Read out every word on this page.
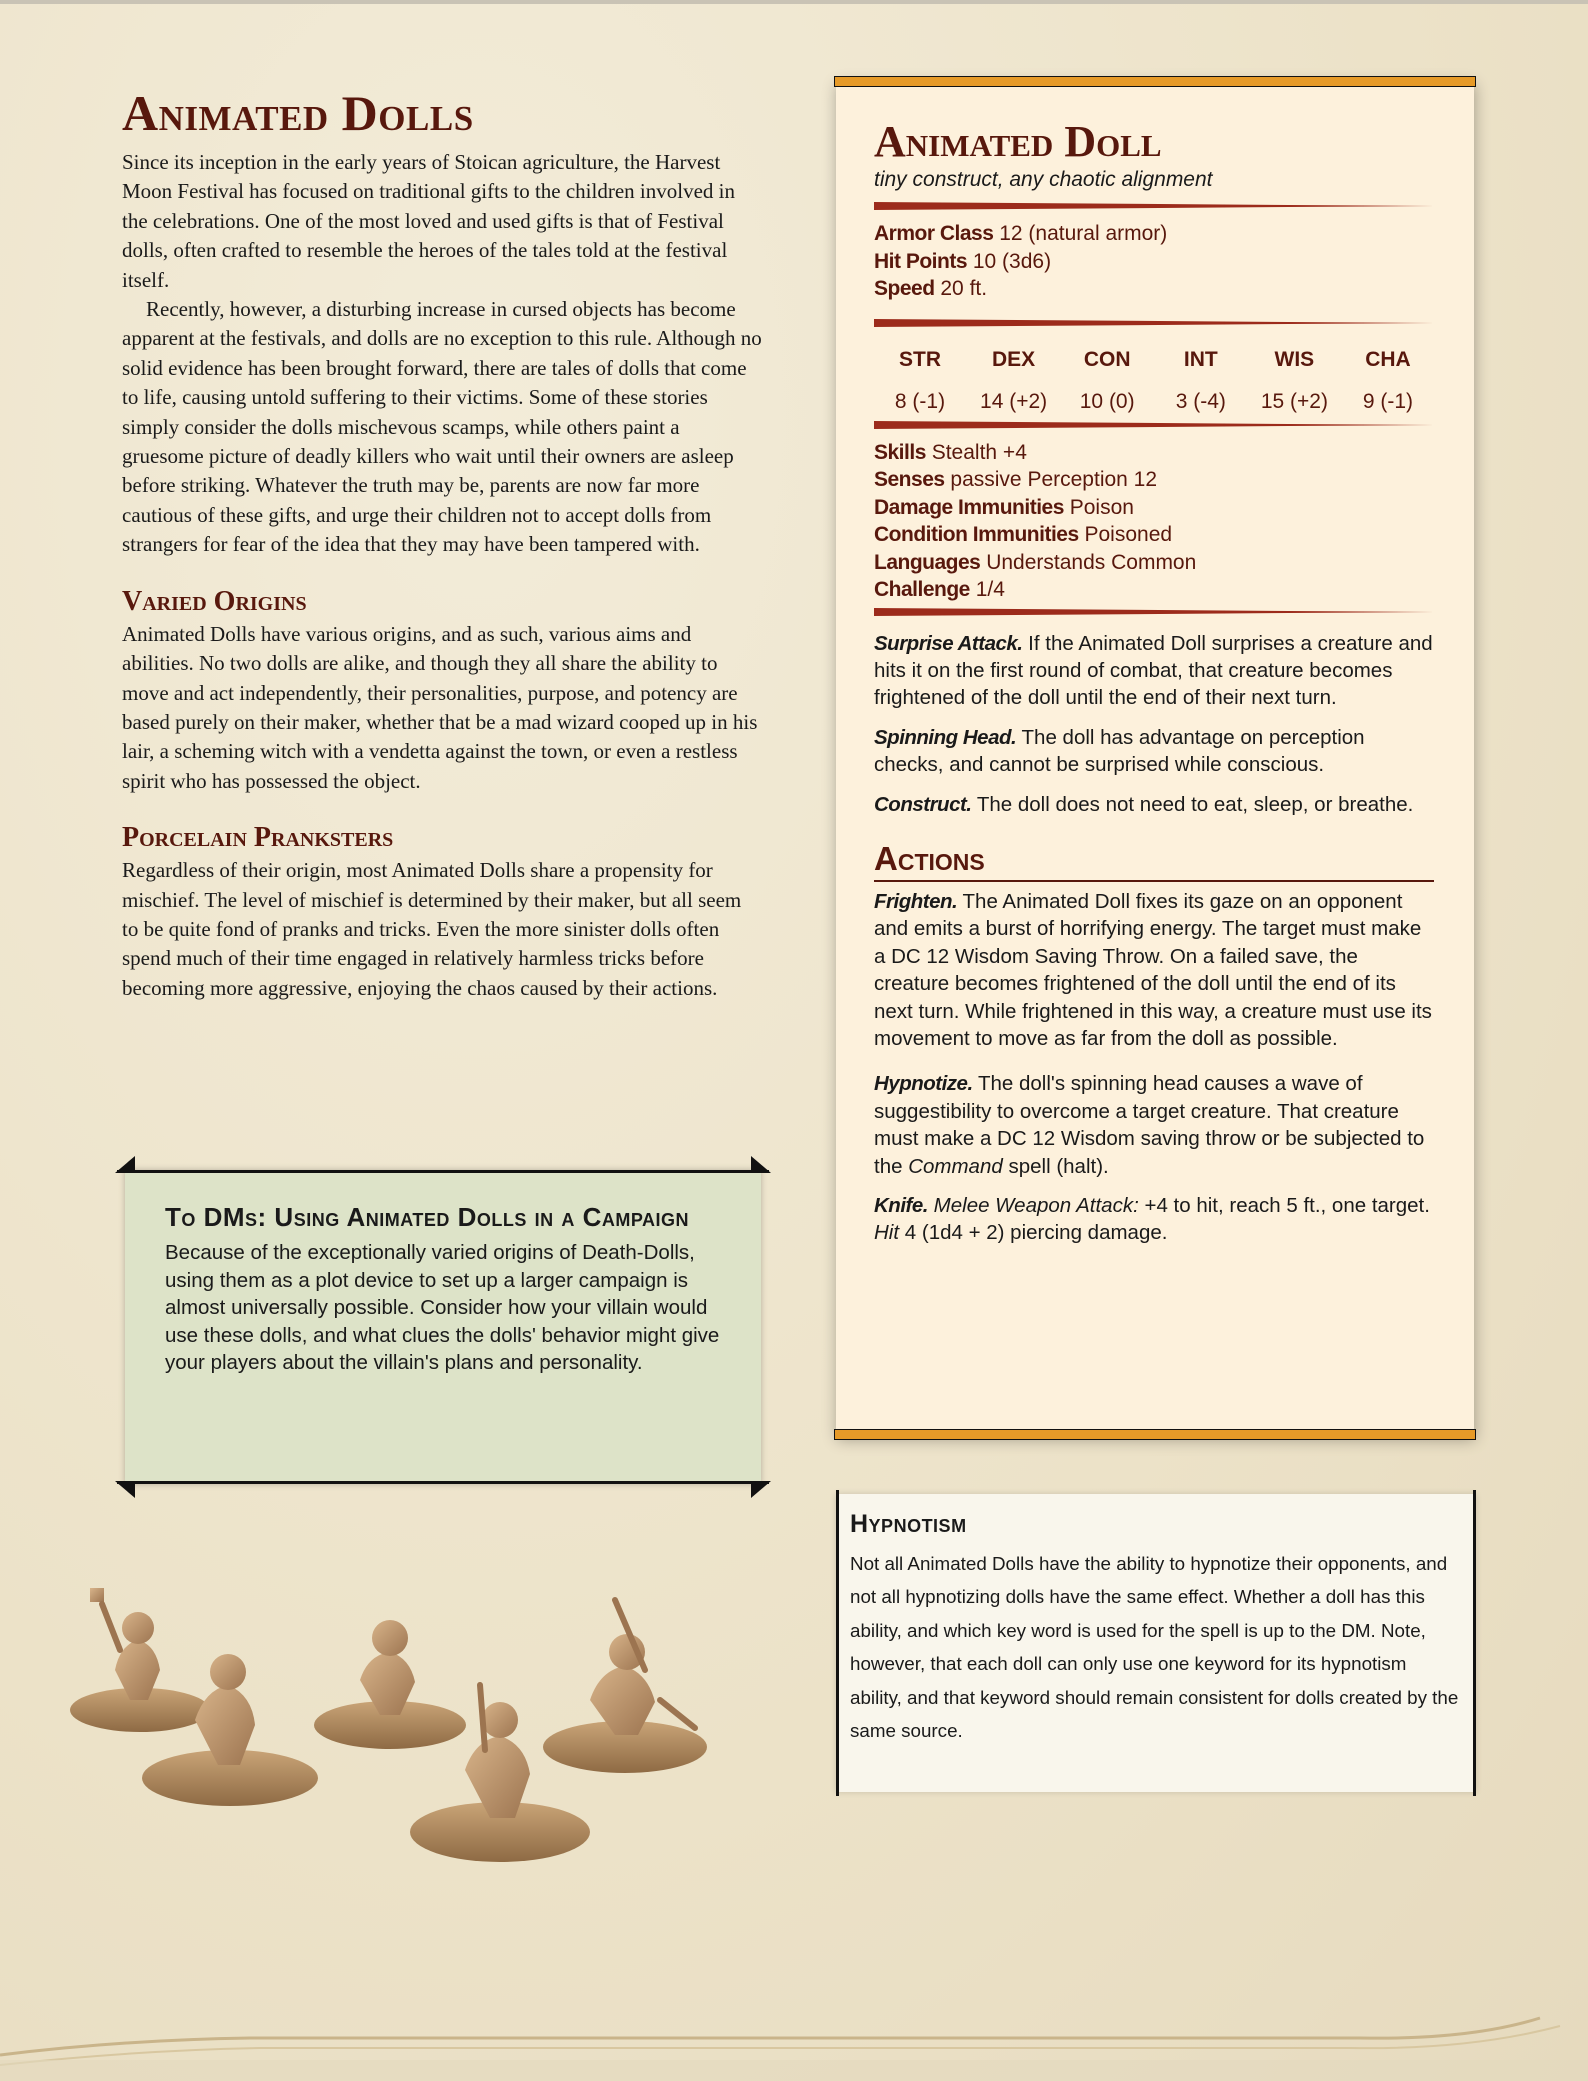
Animated Dolls

Since its inception in the early years of Stoican agriculture, the Harvest Moon Festival has focused on traditional gifts to the children involved in the celebrations. One of the most loved and used gifts is that of Festival dolls, often crafted to resemble the heroes of the tales told at the festival itself.

Recently, however, a disturbing increase in cursed objects has become apparent at the festivals, and dolls are no exception to this rule. Although no solid evidence has been brought forward, there are tales of dolls that come to life, causing untold suffering to their victims. Some of these stories simply consider the dolls mischevous scamps, while others paint a gruesome picture of deadly killers who wait until their owners are asleep before striking. Whatever the truth may be, parents are now far more cautious of these gifts, and urge their children not to accept dolls from strangers for fear of the idea that they may have been tampered with.

Varied Origins

Animated Dolls have various origins, and as such, various aims and abilities. No two dolls are alike, and though they all share the ability to move and act independently, their personalities, purpose, and potency are based purely on their maker, whether that be a mad wizard cooped up in his lair, a scheming witch with a vendetta against the town, or even a restless spirit who has possessed the object.

Porcelain Pranksters

Regardless of their origin, most Animated Dolls share a propensity for mischief. The level of mischief is determined by their maker, but all seem to be quite fond of pranks and tricks. Even the more sinister dolls often spend much of their time engaged in relatively harmless tricks before becoming more aggressive, enjoying the chaos caused by their actions.

To DMs: Using Animated Dolls in a Campaign

Because of the exceptionally varied origins of Death-Dolls, using them as a plot device to set up a larger campaign is almost universally possible. Consider how your villain would use these dolls, and what clues the dolls' behavior might give your players about the villain's plans and personality.

Animated Doll

tiny construct, any chaotic alignment

Armor Class 12 (natural armor)

Hit Points 10 (3d6)

Speed 20 ft.

STR
8 (-1)
DEX
14 (+2)
CON
10 (0)
INT
3 (-4)
WIS
15 (+2)
CHA
9 (-1)

Skills Stealth +4

Senses passive Perception 12

Damage Immunities Poison

Condition Immunities Poisoned

Languages Understands Common

Challenge 1/4

Surprise Attack. If the Animated Doll surprises a creature and hits it on the first round of combat, that creature becomes frightened of the doll until the end of their next turn.

Spinning Head. The doll has advantage on perception checks, and cannot be surprised while conscious.

Construct. The doll does not need to eat, sleep, or breathe.

Actions

Frighten. The Animated Doll fixes its gaze on an opponent and emits a burst of horrifying energy. The target must make a DC 12 Wisdom Saving Throw. On a failed save, the creature becomes frightened of the doll until the end of its next turn. While frightened in this way, a creature must use its movement to move as far from the doll as possible.

Hypnotize. The doll's spinning head causes a wave of suggestibility to overcome a target creature. That creature must make a DC 12 Wisdom saving throw or be subjected to the Command spell (halt).

Knife. Melee Weapon Attack: +4 to hit, reach 5 ft., one target. Hit 4 (1d4 + 2) piercing damage.

Hypnotism

Not all Animated Dolls have the ability to hypnotize their opponents, and not all hypnotizing dolls have the same effect. Whether a doll has this ability, and which key word is used for the spell is up to the DM. Note, however, that each doll can only use one keyword for its hypnotism ability, and that keyword should remain consistent for dolls created by the same source.
